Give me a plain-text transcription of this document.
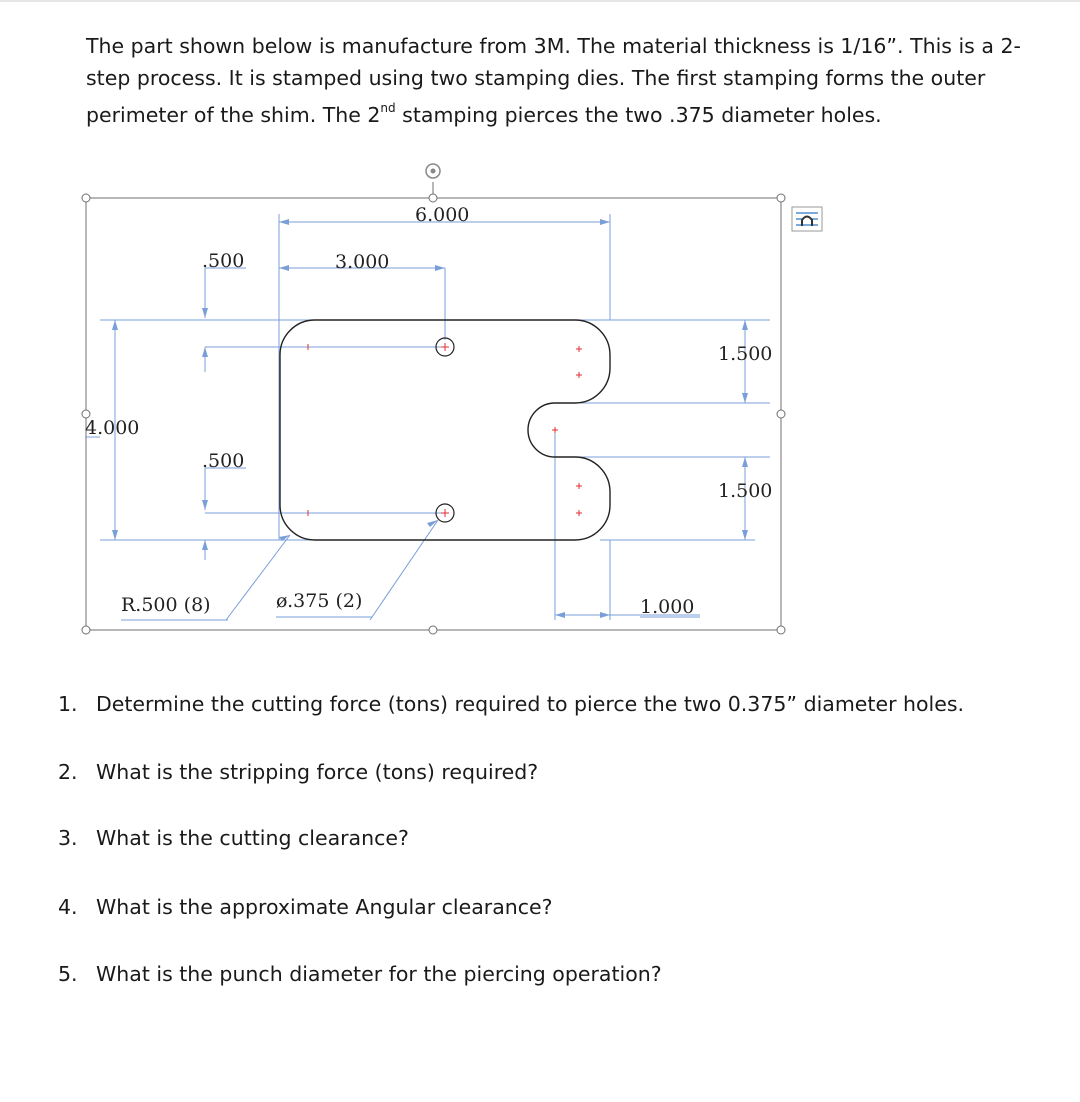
The part shown below is manufacture from 3M. The material thickness is 1/16”. This is a 2-step process. It is stamped using two stamping dies. The first stamping forms the outer perimeter of the shim. The 2nd stamping pierces the two .375 diameter holes.
6.000
3.000
.500
.500
4.000
1.500
1.500
1.000
R.500 (8)	ø.375 (2)
1. Determine the cutting force (tons) required to pierce the two 0.375” diameter holes.
2. What is the stripping force (tons) required?
3. What is the cutting clearance?
4. What is the approximate Angular clearance?
5. What is the punch diameter for the piercing operation?
